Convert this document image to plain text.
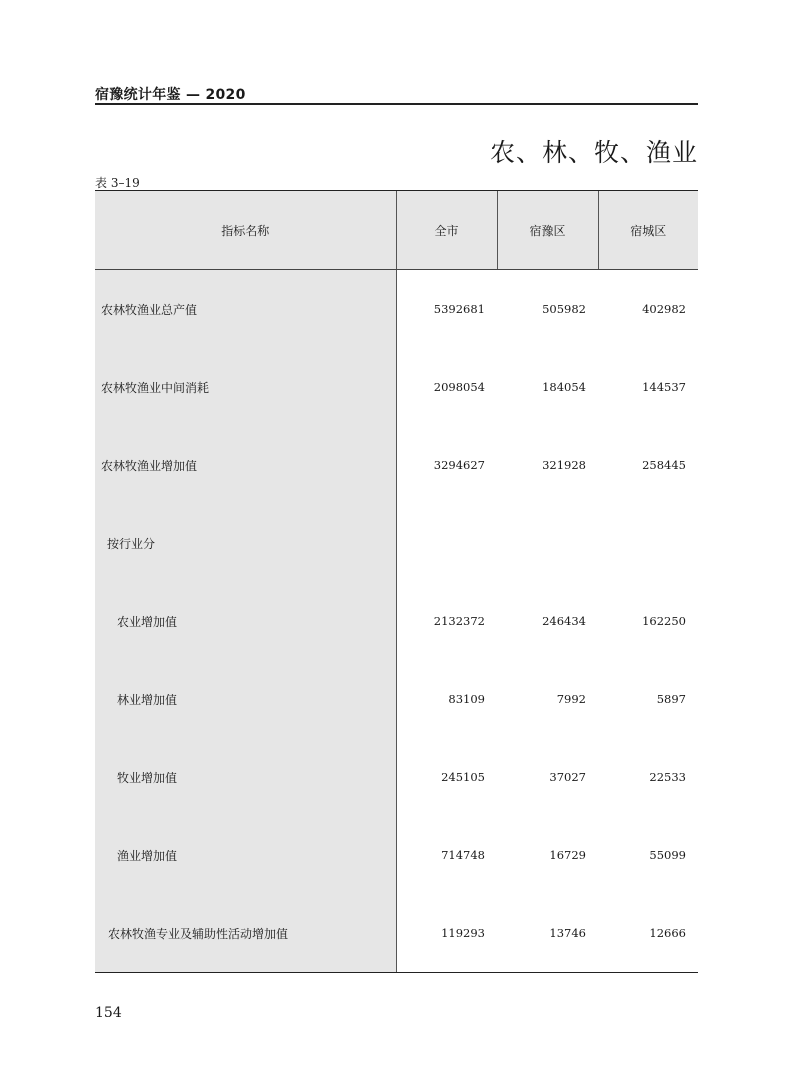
宿豫统计年鉴 — 2020
农、林、牧、渔业
表 3–19
指标名称	全市	宿豫区	宿城区
农林牧渔业总产值	5392681	505982	402982
农林牧渔业中间消耗	2098054	184054	144537
农林牧渔业增加值	3294627	321928	258445
按行业分			
农业增加值	2132372	246434	162250
林业增加值	83109	7992	5897
牧业增加值	245105	37027	22533
渔业增加值	714748	16729	55099
农林牧渔专业及辅助性活动增加值	119293	13746	12666
154
